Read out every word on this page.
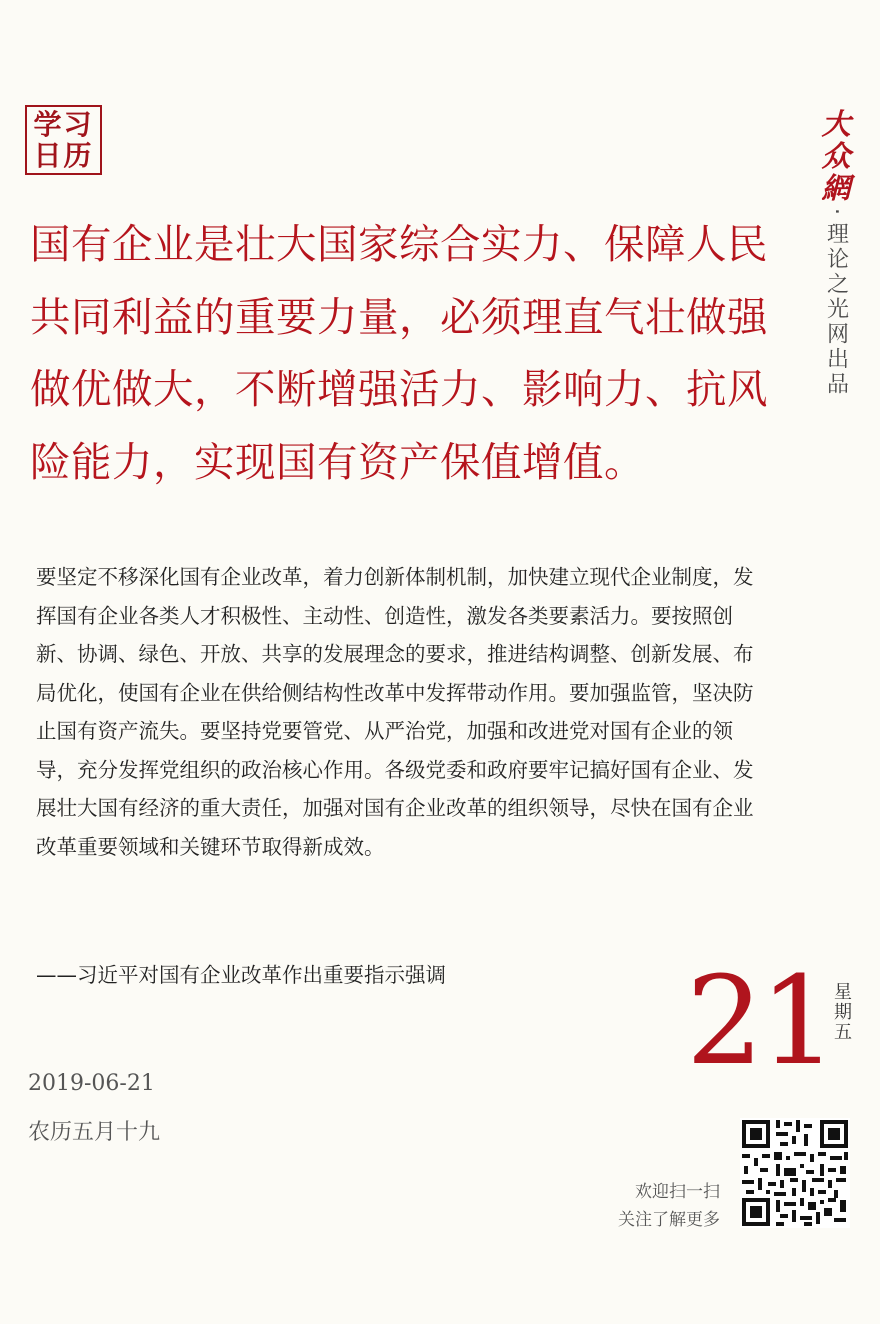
学习
日历
大
众
網
·
理论之光网出品

国有企业是壮大国家综合实力、保障人民共同利益的重要力量，必须理直气壮做强做优做大，不断增强活力、影响力、抗风险能力，实现国有资产保值增值。

要坚定不移深化国有企业改革，着力创新体制机制，加快建立现代企业制度，发挥国有企业各类人才积极性、主动性、创造性，激发各类要素活力。要按照创新、协调、绿色、开放、共享的发展理念的要求，推进结构调整、创新发展、布局优化，使国有企业在供给侧结构性改革中发挥带动作用。要加强监管，坚决防止国有资产流失。要坚持党要管党、从严治党，加强和改进党对国有企业的领导，充分发挥党组织的政治核心作用。各级党委和政府要牢记搞好国有企业、发展壮大国有经济的重大责任，加强对国有企业改革的组织领导，尽快在国有企业改革重要领域和关键环节取得新成效。

——习近平对国有企业改革作出重要指示强调 21
星期五
2019-06-21
农历五月十九
欢迎扫一扫
关注了解更多
